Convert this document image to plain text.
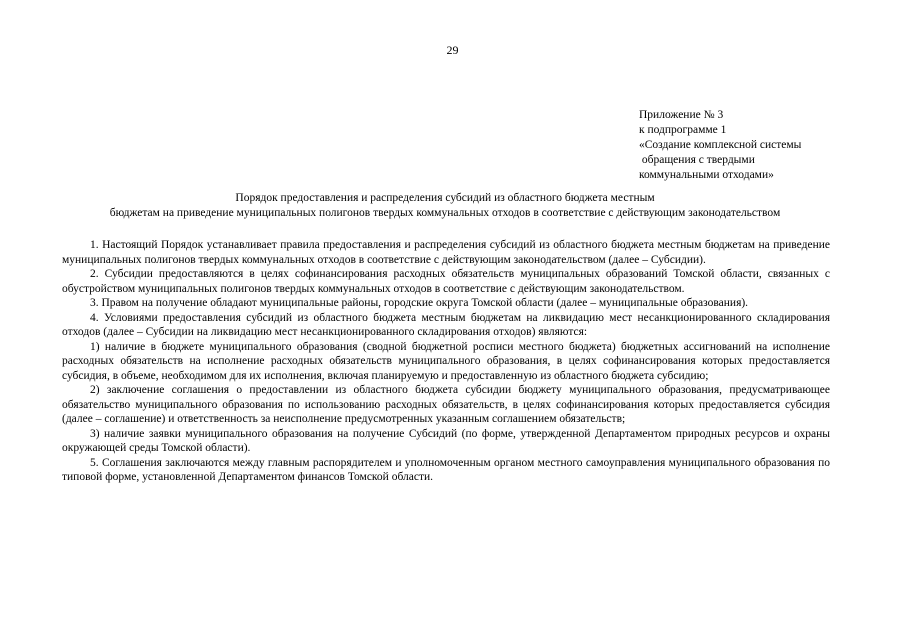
29
Приложение № 3
к подпрограмме 1
«Создание комплексной системы
обращения с твердыми
коммунальными отходами»
Порядок предоставления и распределения субсидий из областного бюджета местным
бюджетам на приведение муниципальных полигонов твердых коммунальных отходов в соответствие с действующим законодательством

1. Настоящий Порядок устанавливает правила предоставления и распределения субсидий из областного бюджета местным бюджетам на приведение муниципальных полигонов твердых коммунальных отходов в соответствие с действующим законодательством (далее – Субсидии).

2. Субсидии предоставляются в целях софинансирования расходных обязательств муниципальных образований Томской области, связанных с обустройством муниципальных полигонов твердых коммунальных отходов в соответствие с действующим законодательством.

3. Правом на получение обладают муниципальные районы, городские округа Томской области (далее – муниципальные образования).

4. Условиями предоставления субсидий из областного бюджета местным бюджетам на ликвидацию мест несанкционированного складирования отходов (далее – Субсидии на ликвидацию мест несанкционированного складирования отходов) являются:

1) наличие в бюджете муниципального образования (сводной бюджетной росписи местного бюджета) бюджетных ассигнований на исполнение расходных обязательств на исполнение расходных обязательств муниципального образования, в целях софинансирования которых предоставляется субсидия, в объеме, необходимом для их исполнения, включая планируемую и предоставленную из областного бюджета субсидию;

2) заключение соглашения о предоставлении из областного бюджета субсидии бюджету муниципального образования, предусматривающее обязательство муниципального образования по использованию расходных обязательств, в целях софинансирования которых предоставляется субсидия (далее – соглашение) и ответственность за неисполнение предусмотренных указанным соглашением обязательств;

3) наличие заявки муниципального образования на получение Субсидий (по форме, утвержденной Департаментом природных ресурсов и охраны окружающей среды Томской области).

5. Соглашения заключаются между главным распорядителем и уполномоченным органом местного самоуправления муниципального образования по типовой форме, установленной Департаментом финансов Томской области.
